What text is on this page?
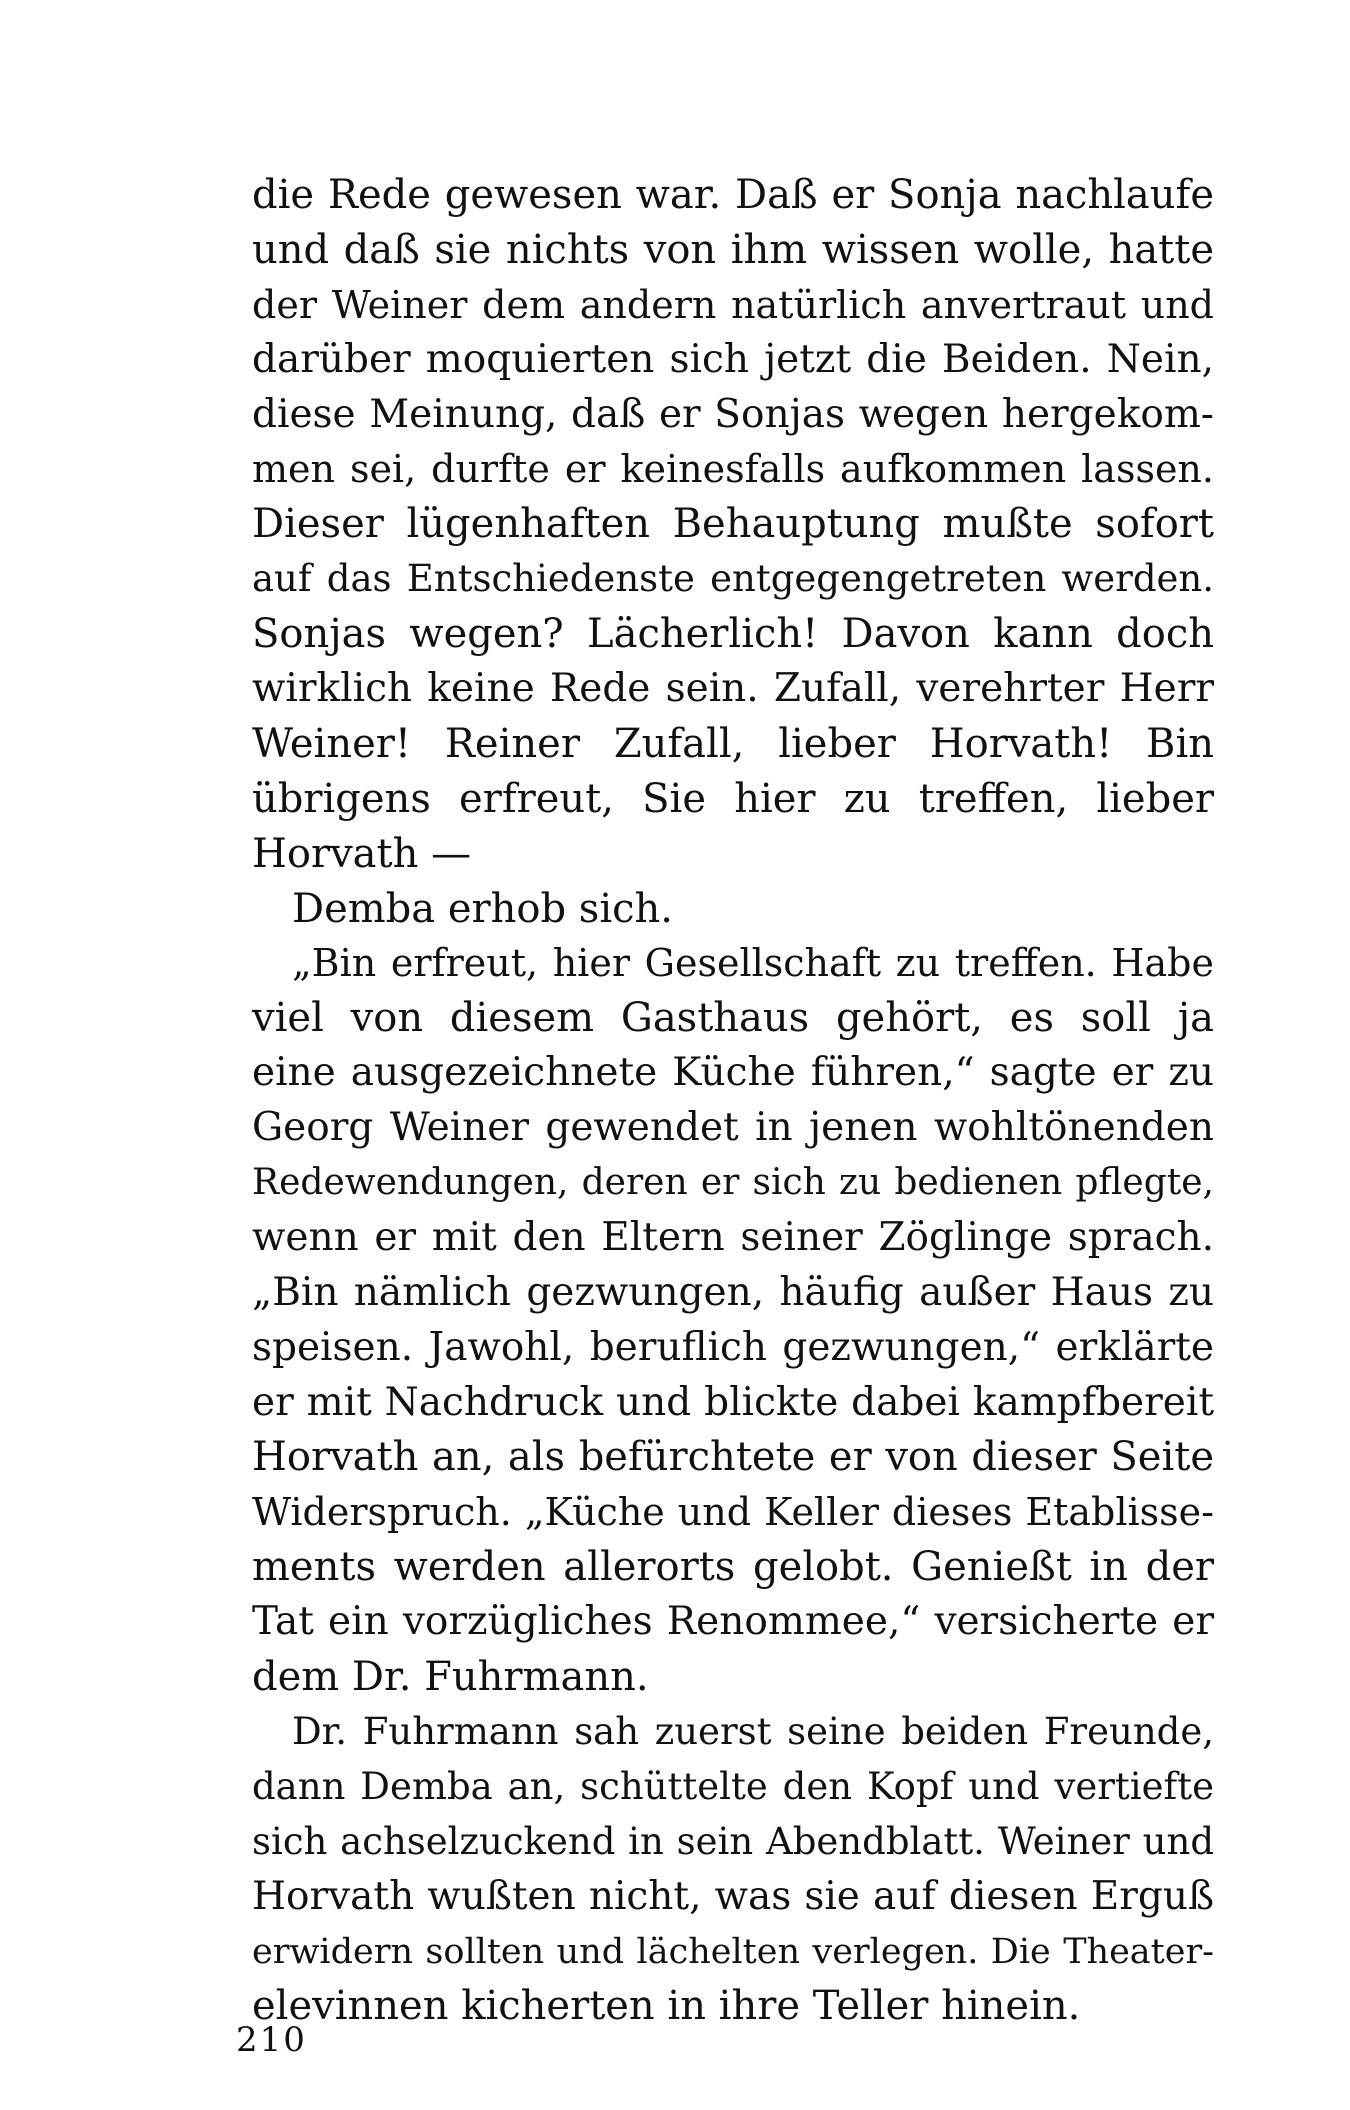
die Rede gewesen war. Daß er Sonja nachlaufe
und daß sie nichts von ihm wissen wolle, hatte
der Weiner dem andern natürlich anvertraut und
darüber moquierten sich jetzt die Beiden. Nein,
diese Meinung, daß er Sonjas wegen hergekom-
men sei, durfte er keinesfalls aufkommen lassen.
Dieser lügenhaften Behauptung mußte sofort
auf das Entschiedenste entgegengetreten werden.
Sonjas wegen? Lächerlich! Davon kann doch
wirklich keine Rede sein. Zufall, verehrter Herr
Weiner! Reiner Zufall, lieber Horvath! Bin
übrigens erfreut, Sie hier zu treffen, lieber
Horvath —
Demba erhob sich.
„Bin erfreut, hier Gesellschaft zu treffen. Habe
viel von diesem Gasthaus gehört, es soll ja
eine ausgezeichnete Küche führen,“ sagte er zu
Georg Weiner gewendet in jenen wohltönenden
Redewendungen, deren er sich zu bedienen pflegte,
wenn er mit den Eltern seiner Zöglinge sprach.
„Bin nämlich gezwungen, häufig außer Haus zu
speisen. Jawohl, beruflich gezwungen,“ erklärte
er mit Nachdruck und blickte dabei kampfbereit
Horvath an, als befürchtete er von dieser Seite
Widerspruch. „Küche und Keller dieses Etablisse-
ments werden allerorts gelobt. Genießt in der
Tat ein vorzügliches Renommee,“ versicherte er
dem Dr. Fuhrmann.
Dr. Fuhrmann sah zuerst seine beiden Freunde,
dann Demba an, schüttelte den Kopf und vertiefte
sich achselzuckend in sein Abendblatt. Weiner und
Horvath wußten nicht, was sie auf diesen Erguß
erwidern sollten und lächelten verlegen. Die Theater-
elevinnen kicherten in ihre Teller hinein.
210
